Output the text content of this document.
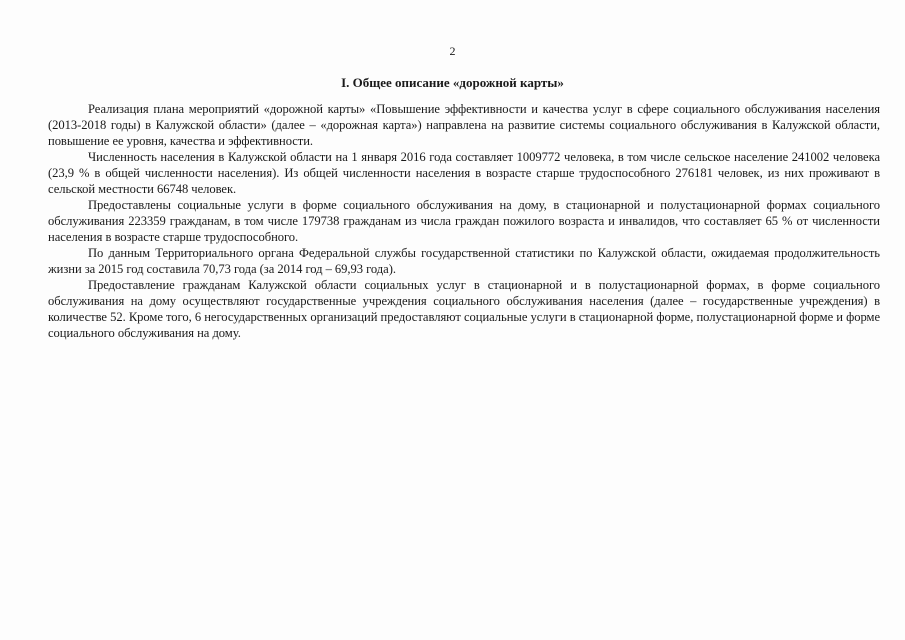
2
I. Общее описание «дорожной карты»

Реализация плана мероприятий «дорожной карты» «Повышение эффективности и качества услуг в сфере социального обслуживания населения (2013-2018 годы) в Калужской области» (далее – «дорожная карта») направлена на развитие системы социального обслуживания в Калужской области, повышение ее уровня, качества и эффективности.

Численность населения в Калужской области на 1 января 2016 года составляет 1009772 человека, в том числе сельское население 241002 человека (23,9 % в общей численности населения). Из общей численности населения в возрасте старше трудоспособного 276181 человек, из них проживают в сельской местности 66748 человек.

Предоставлены социальные услуги в форме социального обслуживания на дому, в стационарной и полустационарной формах социального обслуживания 223359 гражданам, в том числе 179738 гражданам из числа граждан пожилого возраста и инвалидов, что составляет 65 % от численности населения в возрасте старше трудоспособного.

По данным Территориального органа Федеральной службы государственной статистики по Калужской области, ожидаемая продолжительность жизни за 2015 год составила 70,73 года (за 2014 год – 69,93 года).

Предоставление гражданам Калужской области социальных услуг в стационарной и в полустационарной формах, в форме социального обслуживания на дому осуществляют государственные учреждения социального обслуживания населения (далее – государственные учреждения) в количестве 52. Кроме того, 6 негосударственных организаций предоставляют социальные услуги в стационарной форме, полустационарной форме и форме социального обслуживания на дому.
